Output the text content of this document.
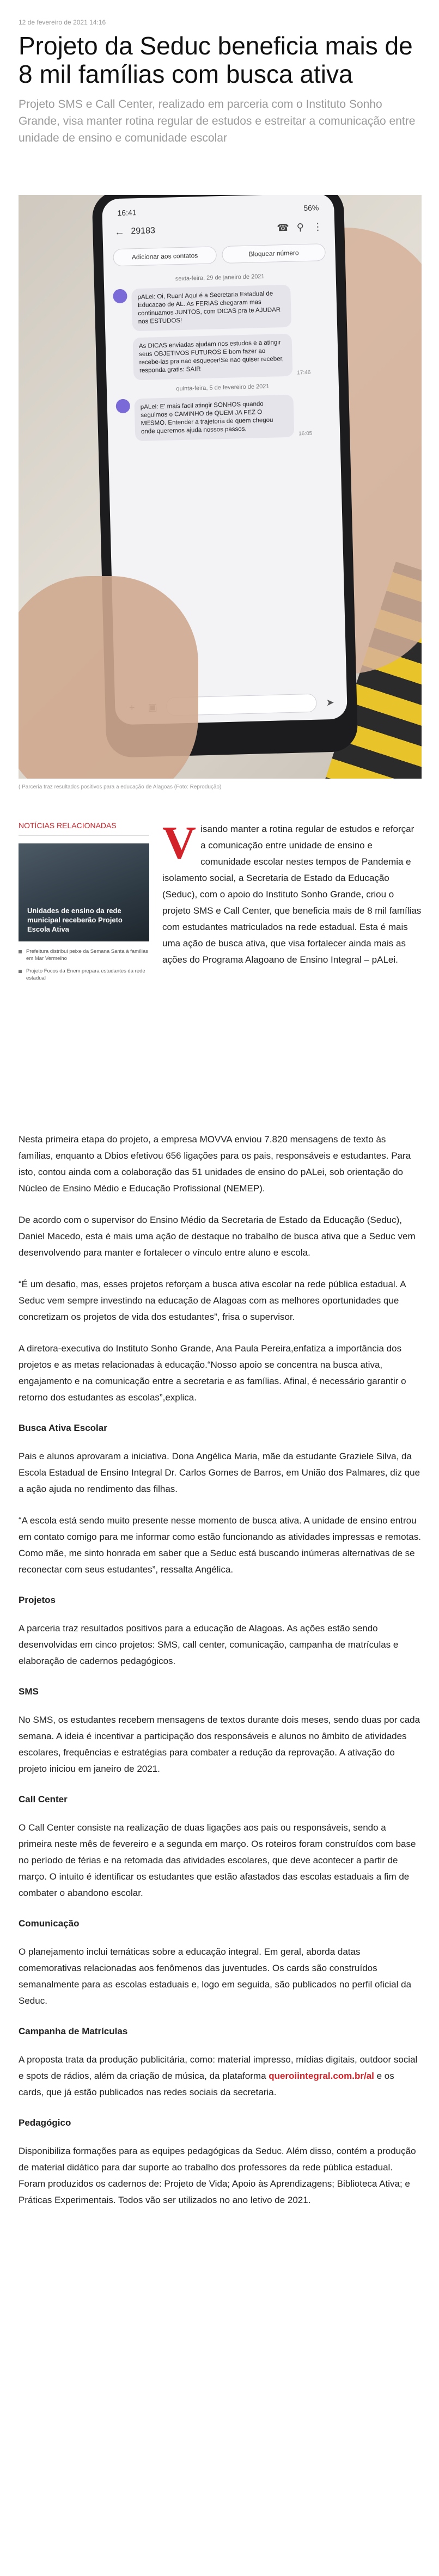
12 de fevereiro de 2021 14:16
Projeto da Seduc beneficia mais de 8 mil famílias com busca ativa

Projeto SMS e Call Center, realizado em parceria com o Instituto Sonho Grande, visa manter rotina regular de estudos e estreitar a comunicação entre unidade de ensino e comunidade escolar

16:41
56%
← 29183	☎ ⚲ ⋮
Adicionar aos contatos	Bloquear número
sexta-feira, 29 de janeiro de 2021
pALei: Oi, Ruan! Aqui é a Secretaria Estadual de Educacao de AL. As FERIAS chegaram mas continuamos JUNTOS, com DICAS pra te AJUDAR nos ESTUDOS!
As DICAS enviadas ajudam nos estudos e a atingir seus OBJETIVOS FUTUROS E bom fazer ao recebe-las pra nao esquecer!Se nao quiser receber, responda gratis: SAIR	17:46
quinta-feira, 5 de fevereiro de 2021
pALei: E' mais facil atingir SONHOS quando seguimos o CAMINHO de QUEM JA FEZ O MESMO. Entender a trajetoria de quem chegou onde queremos ajuda nossos passos.	16:05
➤
( Parceria traz resultados positivos para a educação de Alagoas (Foto: Reprodução)
NOTÍCIAS RELACIONADAS
Unidades de ensino da rede municipal receberão Projeto Escola Ativa
Prefeitura distribui peixe da Semana Santa à famílias em Mar Vermelho
Projeto Focos da Enem prepara estudantes da rede estadual

Visando manter a rotina regular de estudos e reforçar a comunicação entre unidade de ensino e comunidade escolar nestes tempos de Pandemia e isolamento social, a Secretaria de Estado da Educação (Seduc), com o apoio do Instituto Sonho Grande, criou o projeto SMS e Call Center, que beneficia mais de 8 mil famílias com estudantes matriculados na rede estadual. Esta é mais uma ação de busca ativa, que visa fortalecer ainda mais as ações do Programa Alagoano de Ensino Integral – pALei.

Nesta primeira etapa do projeto, a empresa MOVVA enviou 7.820 mensagens de texto às famílias, enquanto a Dbios efetivou 656 ligações para os pais, responsáveis e estudantes. Para isto, contou ainda com a colaboração das 51 unidades de ensino do pALei, sob orientação do Núcleo de Ensino Médio e Educação Profissional (NEMEP).

De acordo com o supervisor do Ensino Médio da Secretaria de Estado da Educação (Seduc), Daniel Macedo, esta é mais uma ação de destaque no trabalho de busca ativa que a Seduc vem desenvolvendo para manter e fortalecer o vínculo entre aluno e escola.

“É um desafio, mas, esses projetos reforçam a busca ativa escolar na rede pública estadual. A Seduc vem sempre investindo na educação de Alagoas com as melhores oportunidades que concretizam os projetos de vida dos estudantes”, frisa o supervisor.

A diretora-executiva do Instituto Sonho Grande, Ana Paula Pereira,enfatiza a importância dos projetos e as metas relacionadas à educação.“Nosso apoio se concentra na busca ativa, engajamento e na comunicação entre a secretaria e as famílias. Afinal, é necessário garantir o retorno dos estudantes as escolas”,explica.

Busca Ativa Escolar

Pais e alunos aprovaram a iniciativa. Dona Angélica Maria, mãe da estudante Graziele Silva, da Escola Estadual de Ensino Integral Dr. Carlos Gomes de Barros, em União dos Palmares, diz que a ação ajuda no rendimento das filhas.

“A escola está sendo muito presente nesse momento de busca ativa. A unidade de ensino entrou em contato comigo para me informar como estão funcionando as atividades impressas e remotas. Como mãe, me sinto honrada em saber que a Seduc está buscando inúmeras alternativas de se reconectar com seus estudantes”, ressalta Angélica.

Projetos

A parceria traz resultados positivos para a educação de Alagoas. As ações estão sendo desenvolvidas em cinco projetos: SMS, call center, comunicação, campanha de matrículas e elaboração de cadernos pedagógicos.

SMS

No SMS, os estudantes recebem mensagens de textos durante dois meses, sendo duas por cada semana. A ideia é incentivar a participação dos responsáveis e alunos no âmbito de atividades escolares, frequências e estratégias para combater a redução da reprovação. A ativação do projeto iniciou em janeiro de 2021.

Call Center

O Call Center consiste na realização de duas ligações aos pais ou responsáveis, sendo a primeira neste mês de fevereiro e a segunda em março. Os roteiros foram construídos com base no período de férias e na retomada das atividades escolares, que deve acontecer a partir de março. O intuito é identificar os estudantes que estão afastados das escolas estaduais a fim de combater o abandono escolar.

Comunicação

O planejamento inclui temáticas sobre a educação integral. Em geral, aborda datas comemorativas relacionadas aos fenômenos das juventudes. Os cards são construídos semanalmente para as escolas estaduais e, logo em seguida, são publicados no perfil oficial da Seduc.

Campanha de Matrículas

A proposta trata da produção publicitária, como: material impresso, mídias digitais, outdoor social e spots de rádios, além da criação de música, da plataforma queroiintegral.com.br/al e os cards, que já estão publicados nas redes sociais da secretaria.

Pedagógico

Disponibiliza formações para as equipes pedagógicas da Seduc. Além disso, contém a produção de material didático para dar suporte ao trabalho dos professores da rede pública estadual. Foram produzidos os cadernos de: Projeto de Vida; Apoio às Aprendizagens; Biblioteca Ativa; e Práticas Experimentais. Todos vão ser utilizados no ano letivo de 2021.
